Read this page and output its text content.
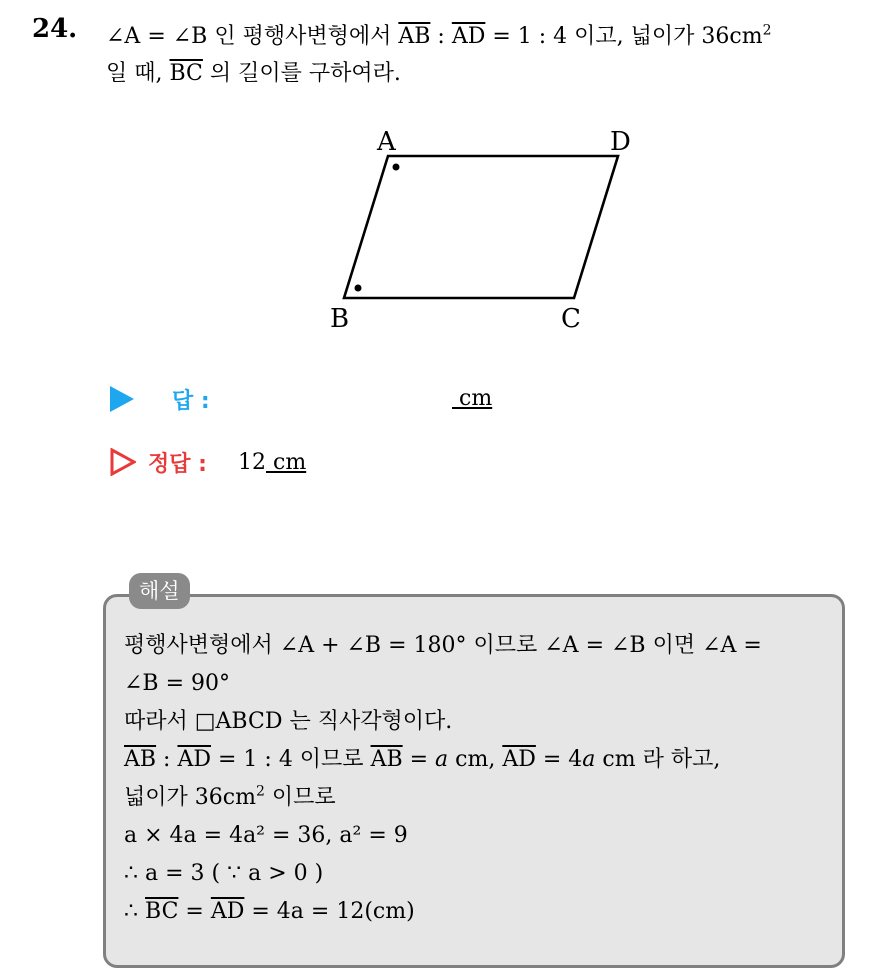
24. ∠A = ∠B 인 평행사변형에서 $\overline{AB}$ : $\overline{AD} = 1$ : 4 이고, 넓이가 $36cm^2$
일 때, $\overline{BC}$ 의 길이를 구하여라.
A	D
B	C
답 :	cm
정답 : 12 cm
해설
평행사변형에서 ∠A + ∠B = 180° 이므로 ∠A = ∠B 이면 ∠A =
∠B = 90°
따라서 □ABCD 는 직사각형이다.
$\overline{AB}$ : $\overline{AD} = 1$ : 4 이므로 $\overline{AB} = a$ cm, $\overline{AD} = 4a$ cm 라 하고,
넓이가 $36cm^2$ 이므로
a × 4a = 4a² = 36, a² = 9
∴ a = 3 ( ∵ a > 0 )
∴ $\overline{BC} = \overline{AD} = 4a = 12(cm)$
